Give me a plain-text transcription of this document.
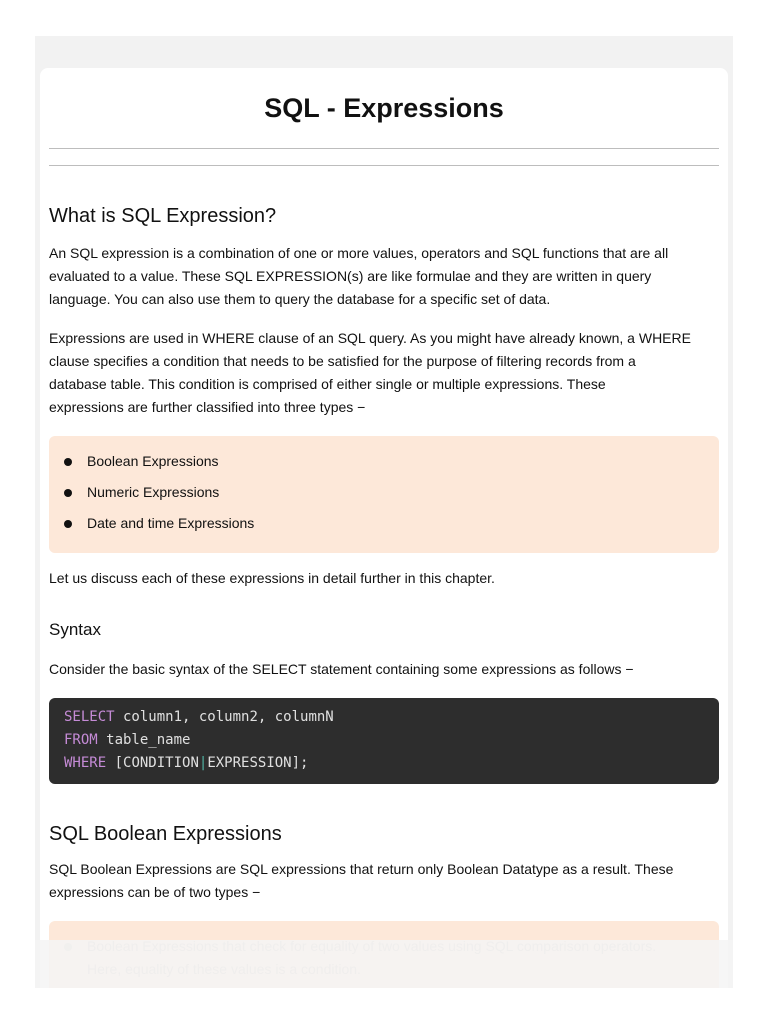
SQL - Expressions
What is SQL Expression?

An SQL expression is a combination of one or more values, operators and SQL functions that are all
evaluated to a value. These SQL EXPRESSION(s) are like formulae and they are written in query
language. You can also use them to query the database for a specific set of data.

Expressions are used in WHERE clause of an SQL query. As you might have already known, a WHERE
clause specifies a condition that needs to be satisfied for the purpose of filtering records from a
database table. This condition is comprised of either single or multiple expressions. These
expressions are further classified into three types −

Boolean Expressions
Numeric Expressions
Date and time Expressions

Let us discuss each of these expressions in detail further in this chapter.

Syntax

Consider the basic syntax of the SELECT statement containing some expressions as follows −

SELECT column1, column2, columnN
FROM table_name
WHERE [CONDITION|EXPRESSION];
SQL Boolean Expressions

SQL Boolean Expressions are SQL expressions that return only Boolean Datatype as a result. These
expressions can be of two types −
